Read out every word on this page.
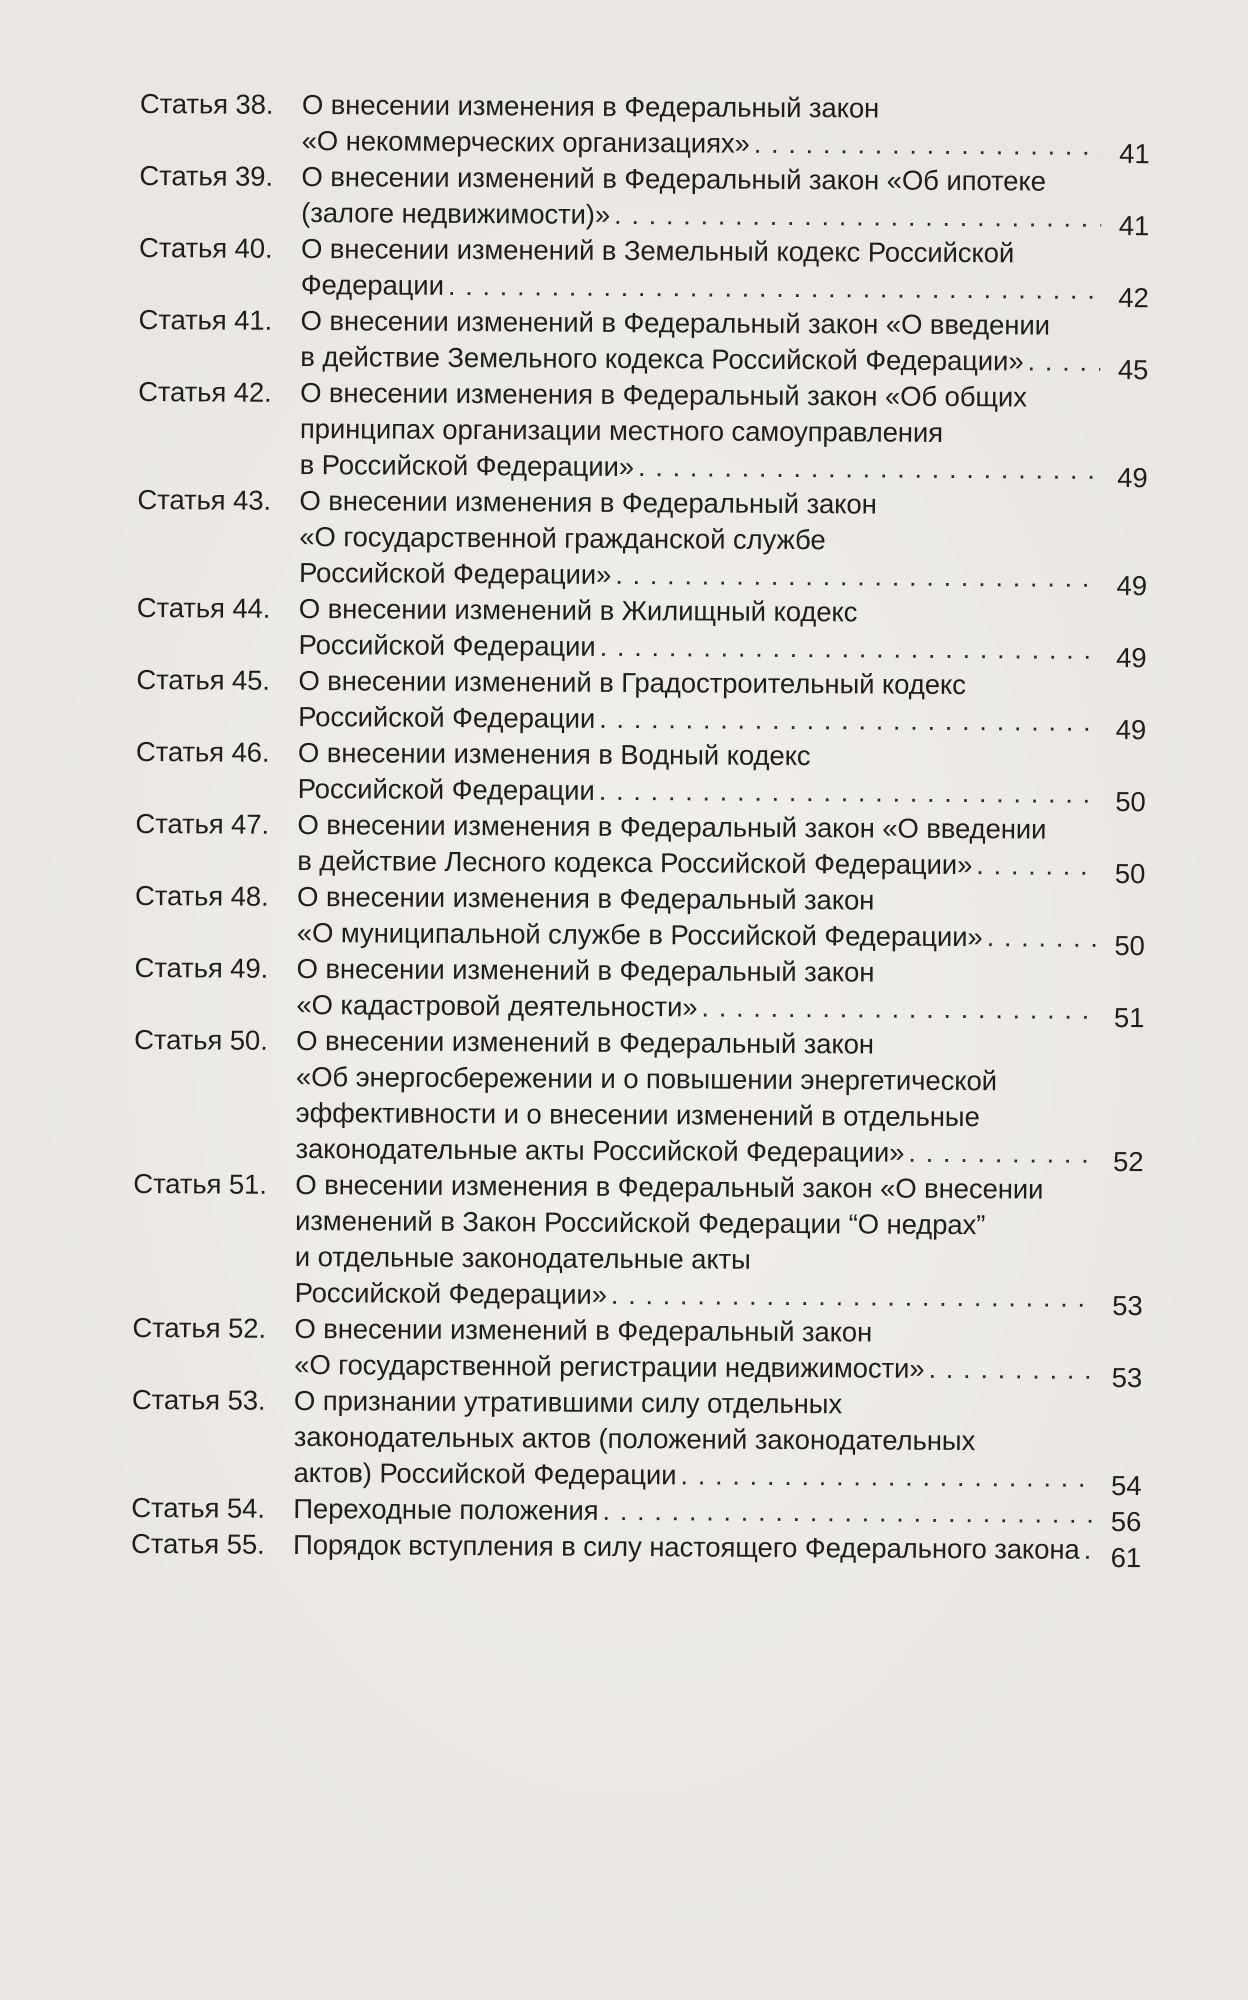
Статья 38.	О внесении изменения в Федеральный закон
«О некоммерческих организациях» . . .	41
Статья 39.	О внесении изменений в Федеральный закон «Об ипотеке
(залоге недвижимости)» . . .	41
Статья 40.	О внесении изменений в Земельный кодекс Российской
Федерации . . .	42
Статья 41.	О внесении изменений в Федеральный закон «О введении
в действие Земельного кодекса Российской Федерации» . . .	45
Статья 42.	О внесении изменения в Федеральный закон «Об общих
принципах организации местного самоуправления
в Российской Федерации» . . .	49
Статья 43.	О внесении изменения в Федеральный закон
«О государственной гражданской службе
Российской Федерации» . . .	49
Статья 44.	О внесении изменений в Жилищный кодекс
Российской Федерации . . .	49
Статья 45.	О внесении изменений в Градостроительный кодекс
Российской Федерации . . .	49
Статья 46.	О внесении изменения в Водный кодекс
Российской Федерации . . .	50
Статья 47.	О внесении изменения в Федеральный закон «О введении
в действие Лесного кодекса Российской Федерации» . . .	50
Статья 48.	О внесении изменения в Федеральный закон
«О муниципальной службе в Российской Федерации» . . .	50
Статья 49.	О внесении изменений в Федеральный закон
«О кадастровой деятельности» . . .	51
Статья 50.	О внесении изменений в Федеральный закон
«Об энергосбережении и о повышении энергетической
эффективности и о внесении изменений в отдельные
законодательные акты Российской Федерации» . . .	52
Статья 51.	О внесении изменения в Федеральный закон «О внесении
изменений в Закон Российской Федерации “О недрах”
и отдельные законодательные акты
Российской Федерации» . . .	53
Статья 52.	О внесении изменений в Федеральный закон
«О государственной регистрации недвижимости» . . .	53
Статья 53.	О признании утратившими силу отдельных
законодательных актов (положений законодательных
актов) Российской Федерации . . .	54
Статья 54.	Переходные положения . . .	56
Статья 55.	Порядок вступления в силу настоящего Федерального закона . . .	61
